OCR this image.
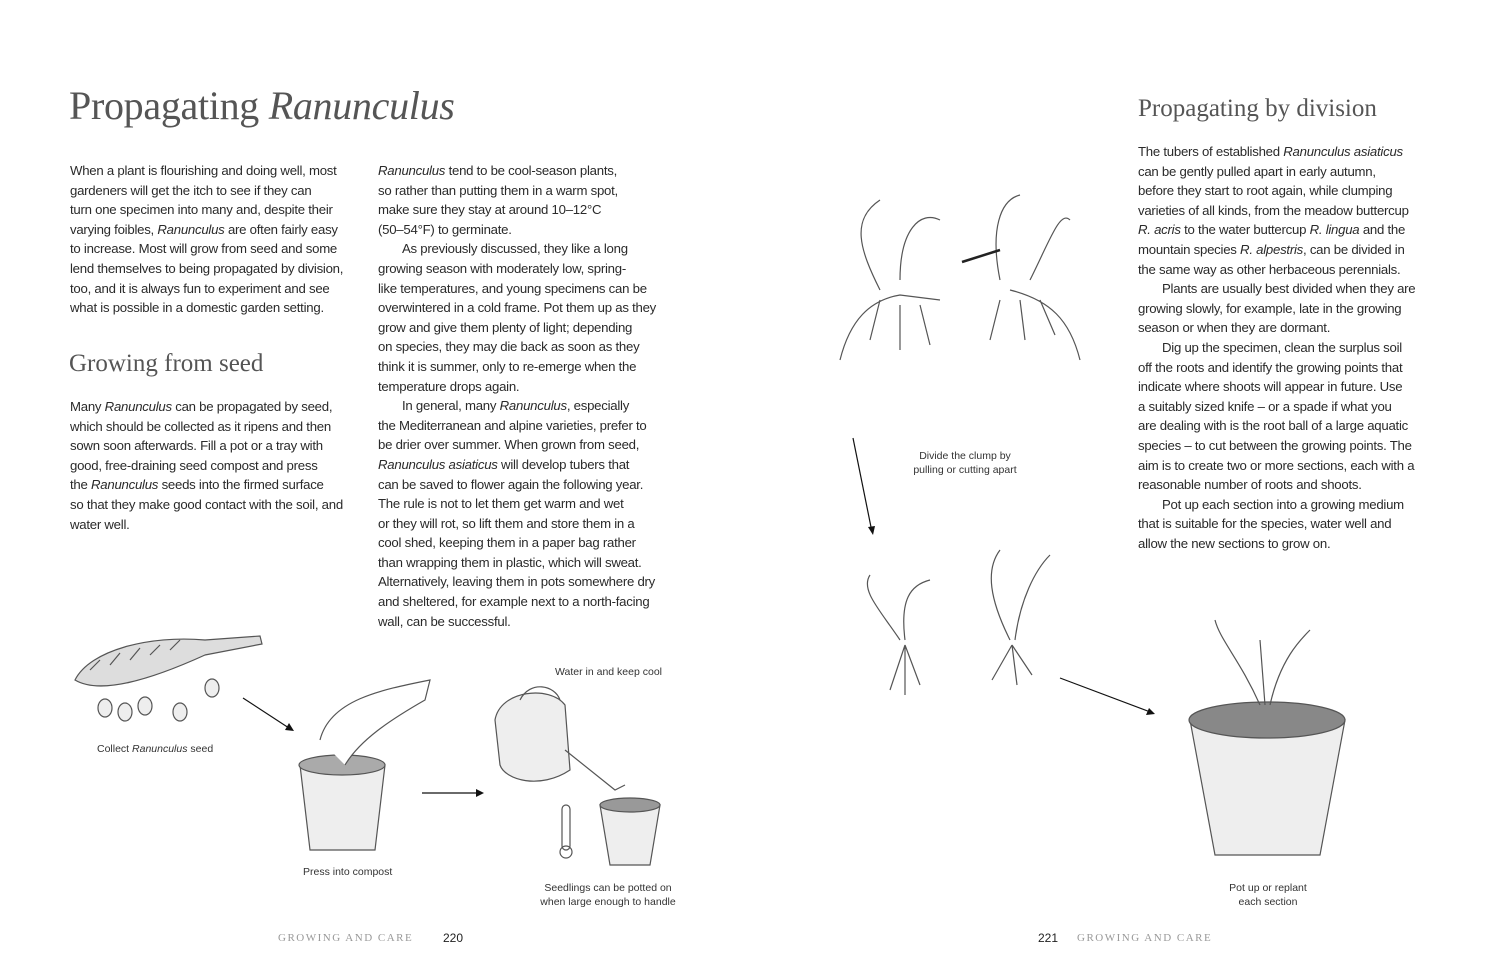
Propagating Ranunculus
When a plant is flourishing and doing well, most
gardeners will get the itch to see if they can
turn one specimen into many and, despite their
varying foibles, Ranunculus are often fairly easy
to increase. Most will grow from seed and some
lend themselves to being propagated by division,
too, and it is always fun to experiment and see
what is possible in a domestic garden setting.
Growing from seed
Many Ranunculus can be propagated by seed,
which should be collected as it ripens and then
sown soon afterwards. Fill a pot or a tray with
good, free-draining seed compost and press
the Ranunculus seeds into the firmed surface
so that they make good contact with the soil, and
water well.
Ranunculus tend to be cool-season plants,
so rather than putting them in a warm spot,
make sure they stay at around 10–12°C
(50–54°F) to germinate.
As previously discussed, they like a long
growing season with moderately low, spring-
like temperatures, and young specimens can be
overwintered in a cold frame. Pot them up as they
grow and give them plenty of light; depending
on species, they may die back as soon as they
think it is summer, only to re-emerge when the
temperature drops again.
In general, many Ranunculus, especially
the Mediterranean and alpine varieties, prefer to
be drier over summer. When grown from seed,
Ranunculus asiaticus will develop tubers that
can be saved to flower again the following year.
The rule is not to let them get warm and wet
or they will rot, so lift them and store them in a
cool shed, keeping them in a paper bag rather
than wrapping them in plastic, which will sweat.
Alternatively, leaving them in pots somewhere dry
and sheltered, for example next to a north-facing
wall, can be successful.
Collect Ranunculus seed
Press into compost
Water in and keep cool
Seedlings can be potted on
when large enough to handle
GROWING AND CARE 220
Propagating by division
The tubers of established Ranunculus asiaticus
can be gently pulled apart in early autumn,
before they start to root again, while clumping
varieties of all kinds, from the meadow buttercup
R. acris to the water buttercup R. lingua and the
mountain species R. alpestris, can be divided in
the same way as other herbaceous perennials.
Plants are usually best divided when they are
growing slowly, for example, late in the growing
season or when they are dormant.
Dig up the specimen, clean the surplus soil
off the roots and identify the growing points that
indicate where shoots will appear in future. Use
a suitably sized knife – or a spade if what you
are dealing with is the root ball of a large aquatic
species – to cut between the growing points. The
aim is to create two or more sections, each with a
reasonable number of roots and shoots.
Pot up each section into a growing medium
that is suitable for the species, water well and
allow the new sections to grow on.
Divide the clump by
pulling or cutting apart
Pot up or replant
each section
221 GROWING AND CARE
